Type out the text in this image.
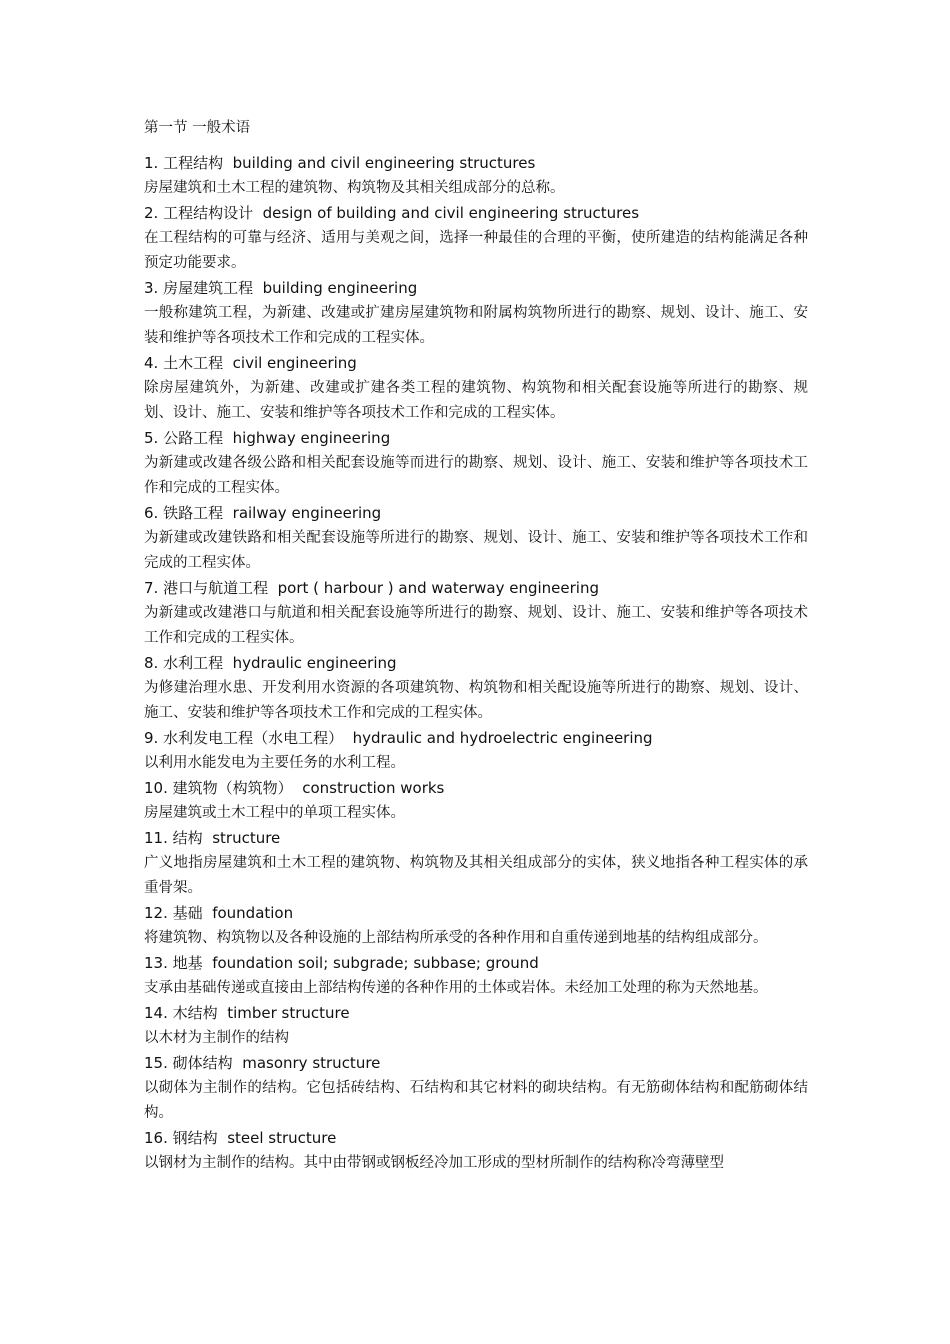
第一节 一般术语
1. 工程结构 building and civil engineering structures
房屋建筑和土木工程的建筑物、构筑物及其相关组成部分的总称。
2. 工程结构设计 design of building and civil engineering structures
在工程结构的可靠与经济、适用与美观之间，选择一种最佳的合理的平衡，使所建造的结构能满足各种预定功能要求。
3. 房屋建筑工程 building engineering
一般称建筑工程，为新建、改建或扩建房屋建筑物和附属构筑物所进行的勘察、规划、设计、施工、安装和维护等各项技术工作和完成的工程实体。
4. 土木工程 civil engineering
除房屋建筑外，为新建、改建或扩建各类工程的建筑物、构筑物和相关配套设施等所进行的勘察、规划、设计、施工、安装和维护等各项技术工作和完成的工程实体。
5. 公路工程 highway engineering
为新建或改建各级公路和相关配套设施等而进行的勘察、规划、设计、施工、安装和维护等各项技术工作和完成的工程实体。
6. 铁路工程 railway engineering
为新建或改建铁路和相关配套设施等所进行的勘察、规划、设计、施工、安装和维护等各项技术工作和完成的工程实体。
7. 港口与航道工程 port ( harbour ) and waterway engineering
为新建或改建港口与航道和相关配套设施等所进行的勘察、规划、设计、施工、安装和维护等各项技术工作和完成的工程实体。
8. 水利工程 hydraulic engineering
为修建治理水患、开发利用水资源的各项建筑物、构筑物和相关配设施等所进行的勘察、规划、设计、施工、安装和维护等各项技术工作和完成的工程实体。
9. 水利发电工程（水电工程） hydraulic and hydroelectric engineering
以利用水能发电为主要任务的水利工程。
10. 建筑物（构筑物） construction works
房屋建筑或土木工程中的单项工程实体。
11. 结构 structure
广义地指房屋建筑和土木工程的建筑物、构筑物及其相关组成部分的实体，狭义地指各种工程实体的承重骨架。
12. 基础 foundation
将建筑物、构筑物以及各种设施的上部结构所承受的各种作用和自重传递到地基的结构组成部分。
13. 地基 foundation soil; subgrade; subbase; ground
支承由基础传递或直接由上部结构传递的各种作用的土体或岩体。未经加工处理的称为天然地基。
14. 木结构 timber structure
以木材为主制作的结构
15. 砌体结构 masonry structure
以砌体为主制作的结构。它包括砖结构、石结构和其它材料的砌块结构。有无筋砌体结构和配筋砌体结构。
16. 钢结构 steel structure
以钢材为主制作的结构。其中由带钢或钢板经冷加工形成的型材所制作的结构称冷弯薄壁型
